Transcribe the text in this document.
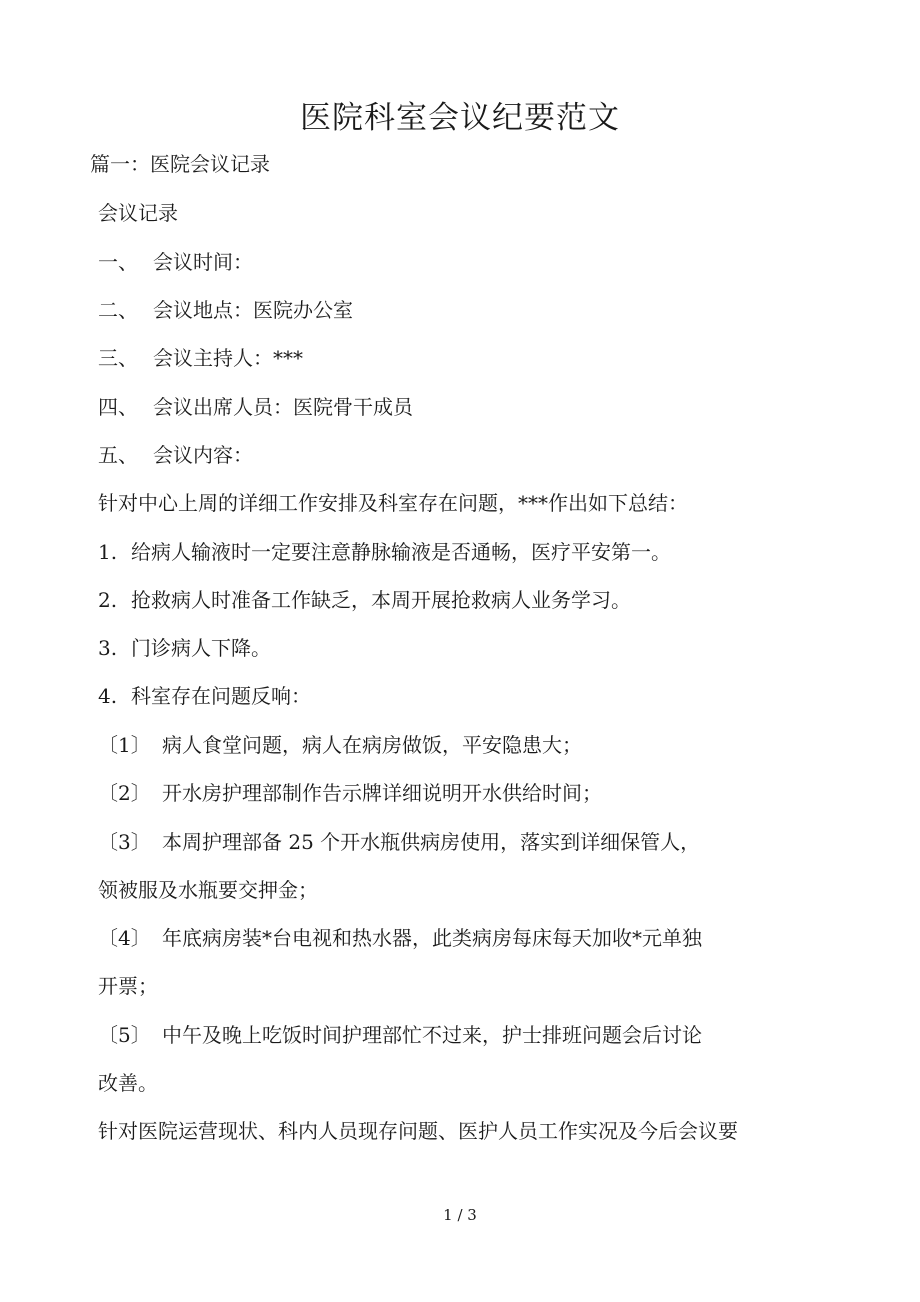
医院科室会议纪要范文
篇一：医院会议记录
会议记录
一、 会议时间：
二、 会议地点：医院办公室
三、 会议主持人：***
四、 会议出席人员：医院骨干成员
五、 会议内容：
针对中心上周的详细工作安排及科室存在问题，***作出如下总结：
1. 给病人输液时一定要注意静脉输液是否通畅，医疗平安第一。
2. 抢救病人时准备工作缺乏，本周开展抢救病人业务学习。
3. 门诊病人下降。
4. 科室存在问题反响：
〔1〕 病人食堂问题，病人在病房做饭，平安隐患大；
〔2〕 开水房护理部制作告示牌详细说明开水供给时间；
〔3〕 本周护理部备 25 个开水瓶供病房使用，落实到详细保管人，
领被服及水瓶要交押金；
〔4〕 年底病房装*台电视和热水器，此类病房每床每天加收*元单独
开票；
〔5〕 中午及晚上吃饭时间护理部忙不过来，护士排班问题会后讨论
改善。
针对医院运营现状、科内人员现存问题、医护人员工作实况及今后会议要
1 / 3
